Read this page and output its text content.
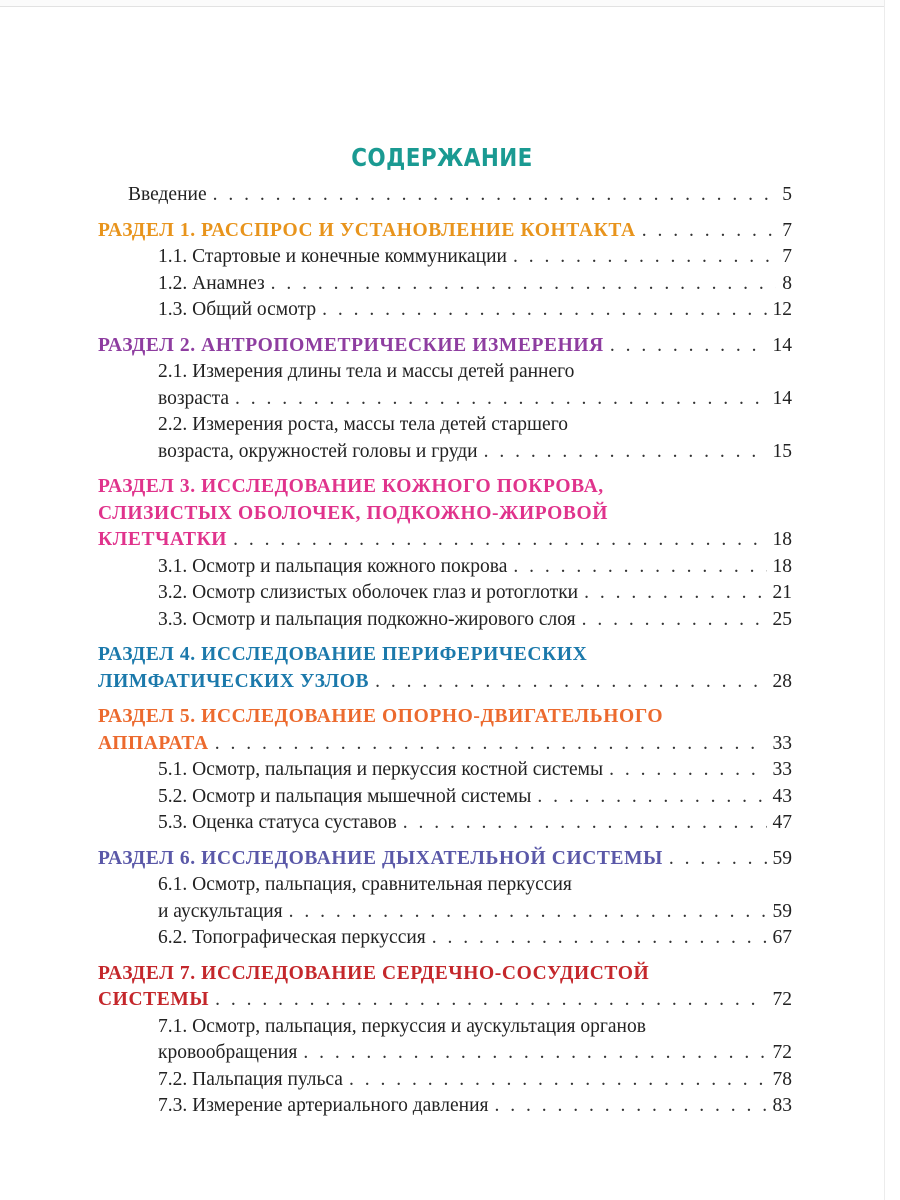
СОДЕРЖАНИЕ
Введение . . .	5
РАЗДЕЛ 1. РАССПРОС И УСТАНОВЛЕНИЕ КОНТАКТА . . .	7
1.1. Стартовые и конечные коммуникации . . .	7
1.2. Анамнез . . .	8
1.3. Общий осмотр . . .	12
РАЗДЕЛ 2. АНТРОПОМЕТРИЧЕСКИЕ ИЗМЕРЕНИЯ . . .	14
2.1. Измерения длины тела и массы детей раннего
возраста . . .	14
2.2. Измерения роста, массы тела детей старшего
возраста, окружностей головы и груди . . .	15
РАЗДЕЛ 3. ИССЛЕДОВАНИЕ КОЖНОГО ПОКРОВА,
СЛИЗИСТЫХ ОБОЛОЧЕК, ПОДКОЖНО-ЖИРОВОЙ
КЛЕТЧАТКИ . . .	18
3.1. Осмотр и пальпация кожного покрова . . .	18
3.2. Осмотр слизистых оболочек глаз и ротоглотки . . .	21
3.3. Осмотр и пальпация подкожно-жирового слоя . . .	25
РАЗДЕЛ 4. ИССЛЕДОВАНИЕ ПЕРИФЕРИЧЕСКИХ
ЛИМФАТИЧЕСКИХ УЗЛОВ . . .	28
РАЗДЕЛ 5. ИССЛЕДОВАНИЕ ОПОРНО-ДВИГАТЕЛЬНОГО
АППАРАТА . . .	33
5.1. Осмотр, пальпация и перкуссия костной системы . . .	33
5.2. Осмотр и пальпация мышечной системы . . .	43
5.3. Оценка статуса суставов . . .	47
РАЗДЕЛ 6. ИССЛЕДОВАНИЕ ДЫХАТЕЛЬНОЙ СИСТЕМЫ . . .	59
6.1. Осмотр, пальпация, сравнительная перкуссия
и аускультация . . .	59
6.2. Топографическая перкуссия . . .	67
РАЗДЕЛ 7. ИССЛЕДОВАНИЕ СЕРДЕЧНО-СОСУДИСТОЙ
СИСТЕМЫ . . .	72
7.1. Осмотр, пальпация, перкуссия и аускультация органов
кровообращения . . .	72
7.2. Пальпация пульса . . .	78
7.3. Измерение артериального давления . . .	83
